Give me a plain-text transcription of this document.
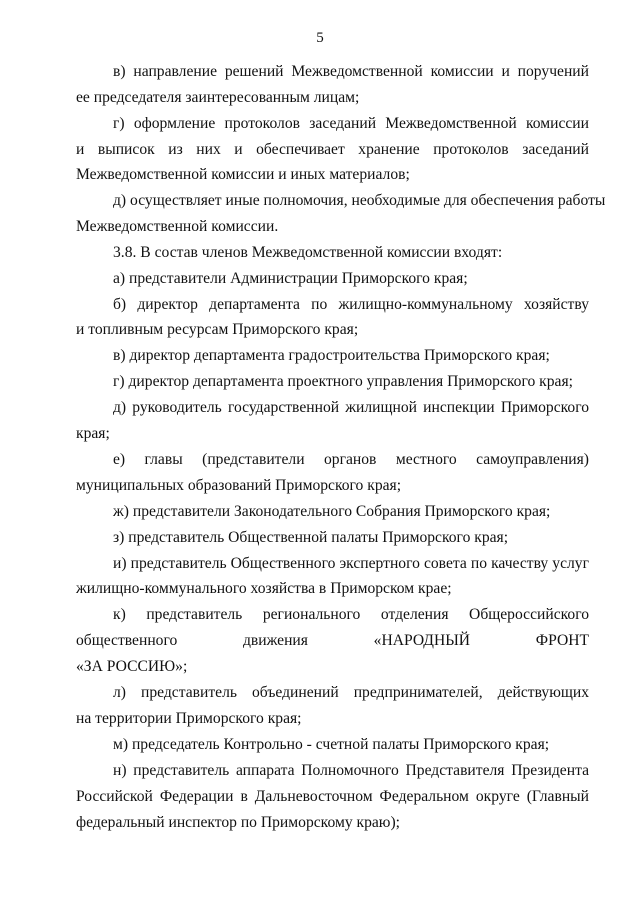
5
в) направление решений Межведомственной комиссии и поручений
ее председателя заинтересованным лицам;
г) оформление протоколов заседаний Межведомственной комиссии
и выписок из них и обеспечивает хранение протоколов заседаний
Межведомственной комиссии и иных материалов;
д) осуществляет иные полномочия, необходимые для обеспечения работы
Межведомственной комиссии.
3.8. В состав членов Межведомственной комиссии входят:
а) представители Администрации Приморского края;
б) директор департамента по жилищно-коммунальному хозяйству
и топливным ресурсам Приморского края;
в) директор департамента градостроительства Приморского края;
г) директор департамента проектного управления Приморского края;
д) руководитель государственной жилищной инспекции Приморского
края;
е) главы (представители органов местного самоуправления)
муниципальных образований Приморского края;
ж) представители Законодательного Собрания Приморского края;
з) представитель Общественной палаты Приморского края;
и) представитель Общественного экспертного совета по качеству услуг
жилищно-коммунального хозяйства в Приморском крае;
к) представитель регионального отделения Общероссийского
общественного движения «НАРОДНЫЙ ФРОНТ
«ЗА РОССИЮ»;
л) представитель объединений предпринимателей, действующих
на территории Приморского края;
м) председатель Контрольно - счетной палаты Приморского края;
н) представитель аппарата Полномочного Представителя Президента
Российской Федерации в Дальневосточном Федеральном округе (Главный
федеральный инспектор по Приморскому краю);
